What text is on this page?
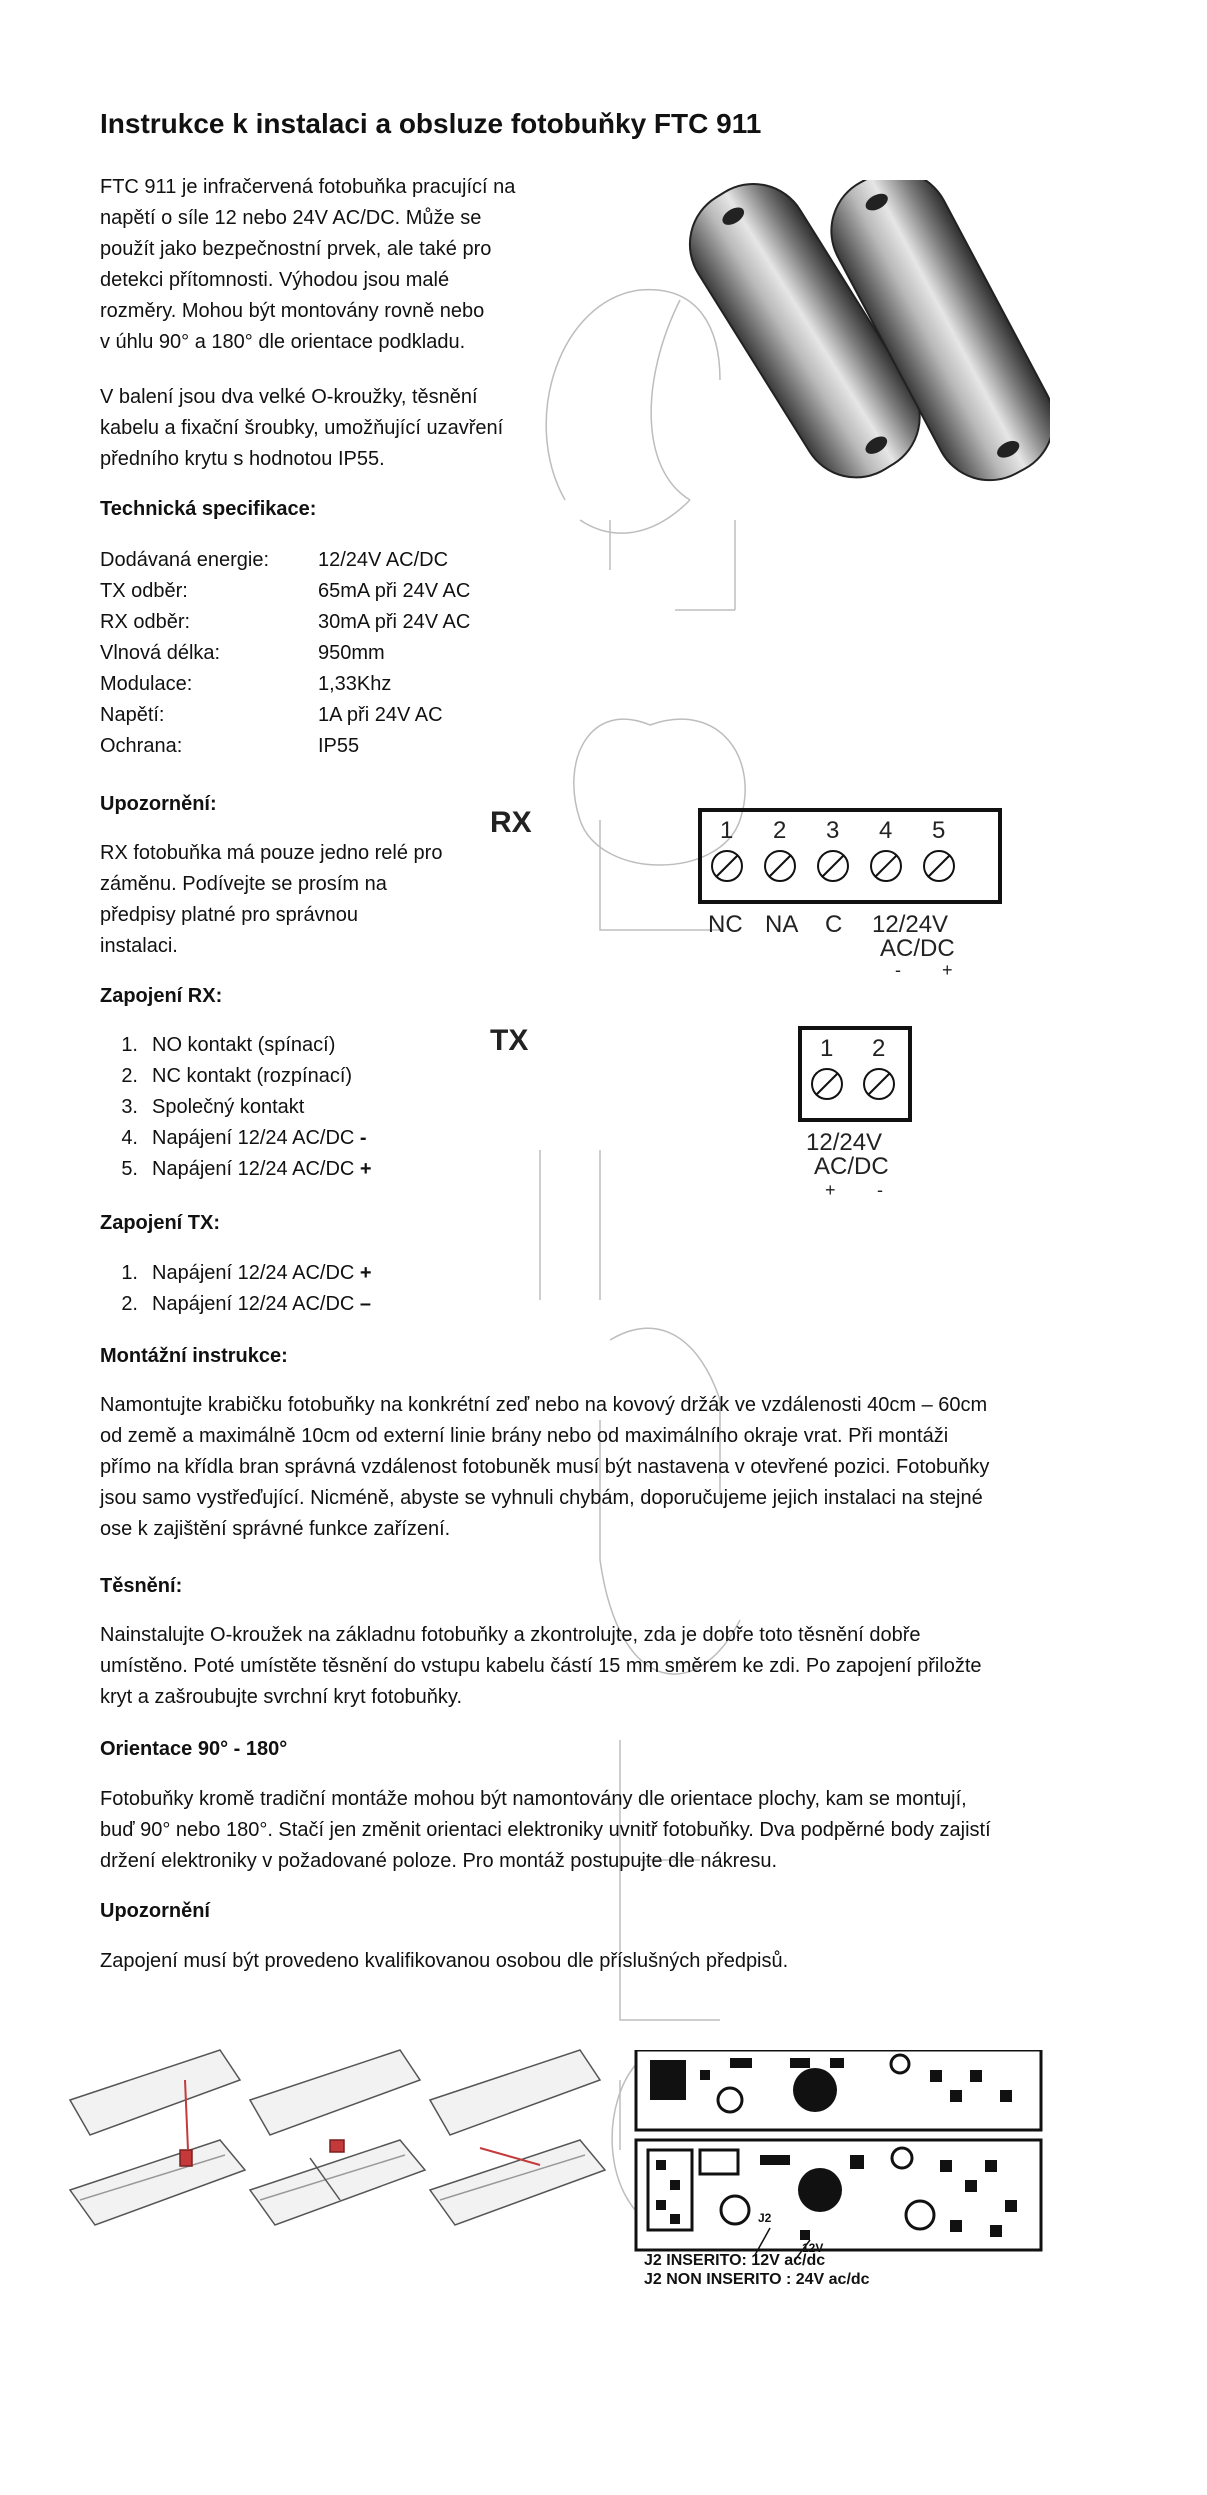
Instrukce k instalaci a obsluze fotobuňky FTC 911
FTC 911 je infračervená fotobuňka pracující na
napětí o síle 12 nebo 24V AC/DC. Může se
použít jako bezpečnostní prvek, ale také pro
detekci přítomnosti. Výhodou jsou malé
rozměry. Mohou být montovány rovně nebo
v úhlu 90° a 180° dle orientace podkladu.
V balení jsou dva velké O-kroužky, těsnění
kabelu a fixační šroubky, umožňující uzavření
předního krytu s hodnotou IP55.
Technická specifikace:
Dodávaná energie: 12/24V AC/DC
TX odběr:	65mA při 24V AC
RX odběr:	30mA při 24V AC
Vlnová délka:	950mm
Modulace:	1,33Khz
Napětí:	1A při 24V AC
Ochrana:	IP55
Upozornění:
RX fotobuňka má pouze jedno relé pro
záměnu. Podívejte se prosím na
předpisy platné pro správnou
instalaci.
Zapojení RX:
1. NO kontakt (spínací)
2. NC kontakt (rozpínací)
3. Společný kontakt
4. Napájení 12/24 AC/DC -
5. Napájení 12/24 AC/DC +
Zapojení TX:
1. Napájení 12/24 AC/DC +
2. Napájení 12/24 AC/DC –
RX	1 2 3 4 5
NC NA C 12/24V
AC/DC
- +
TX	1 2
12/24V
AC/DC
+ -
Montážní instrukce:
Namontujte krabičku fotobuňky na konkrétní zeď nebo na kovový držák ve vzdálenosti 40cm – 60cm
od země a maximálně 10cm od externí linie brány nebo od maximálního okraje vrat. Při montáži
přímo na křídla bran správná vzdálenost fotobuněk musí být nastavena v otevřené pozici. Fotobuňky
jsou samo vystřeďující. Nicméně, abyste se vyhnuli chybám, doporučujeme jejich instalaci na stejné
ose k zajištění správné funkce zařízení.
Těsnění:
Nainstalujte O-kroužek na základnu fotobuňky a zkontrolujte, zda je dobře toto těsnění dobře
umístěno. Poté umístěte těsnění do vstupu kabelu částí 15 mm směrem ke zdi. Po zapojení přiložte
kryt a zašroubujte svrchní kryt fotobuňky.
Orientace 90° - 180°
Fotobuňky kromě tradiční montáže mohou být namontovány dle orientace plochy, kam se montují,
buď 90° nebo 180°. Stačí jen změnit orientaci elektroniky uvnitř fotobuňky. Dva podpěrné body zajistí
držení elektroniky v požadované poloze. Pro montáž postupujte dle nákresu.
Upozornění
Zapojení musí být provedeno kvalifikovanou osobou dle příslušných předpisů.
J2
12V
J2 INSERITO: 12V ac/dc
J2 NON INSERITO : 24V ac/dc
